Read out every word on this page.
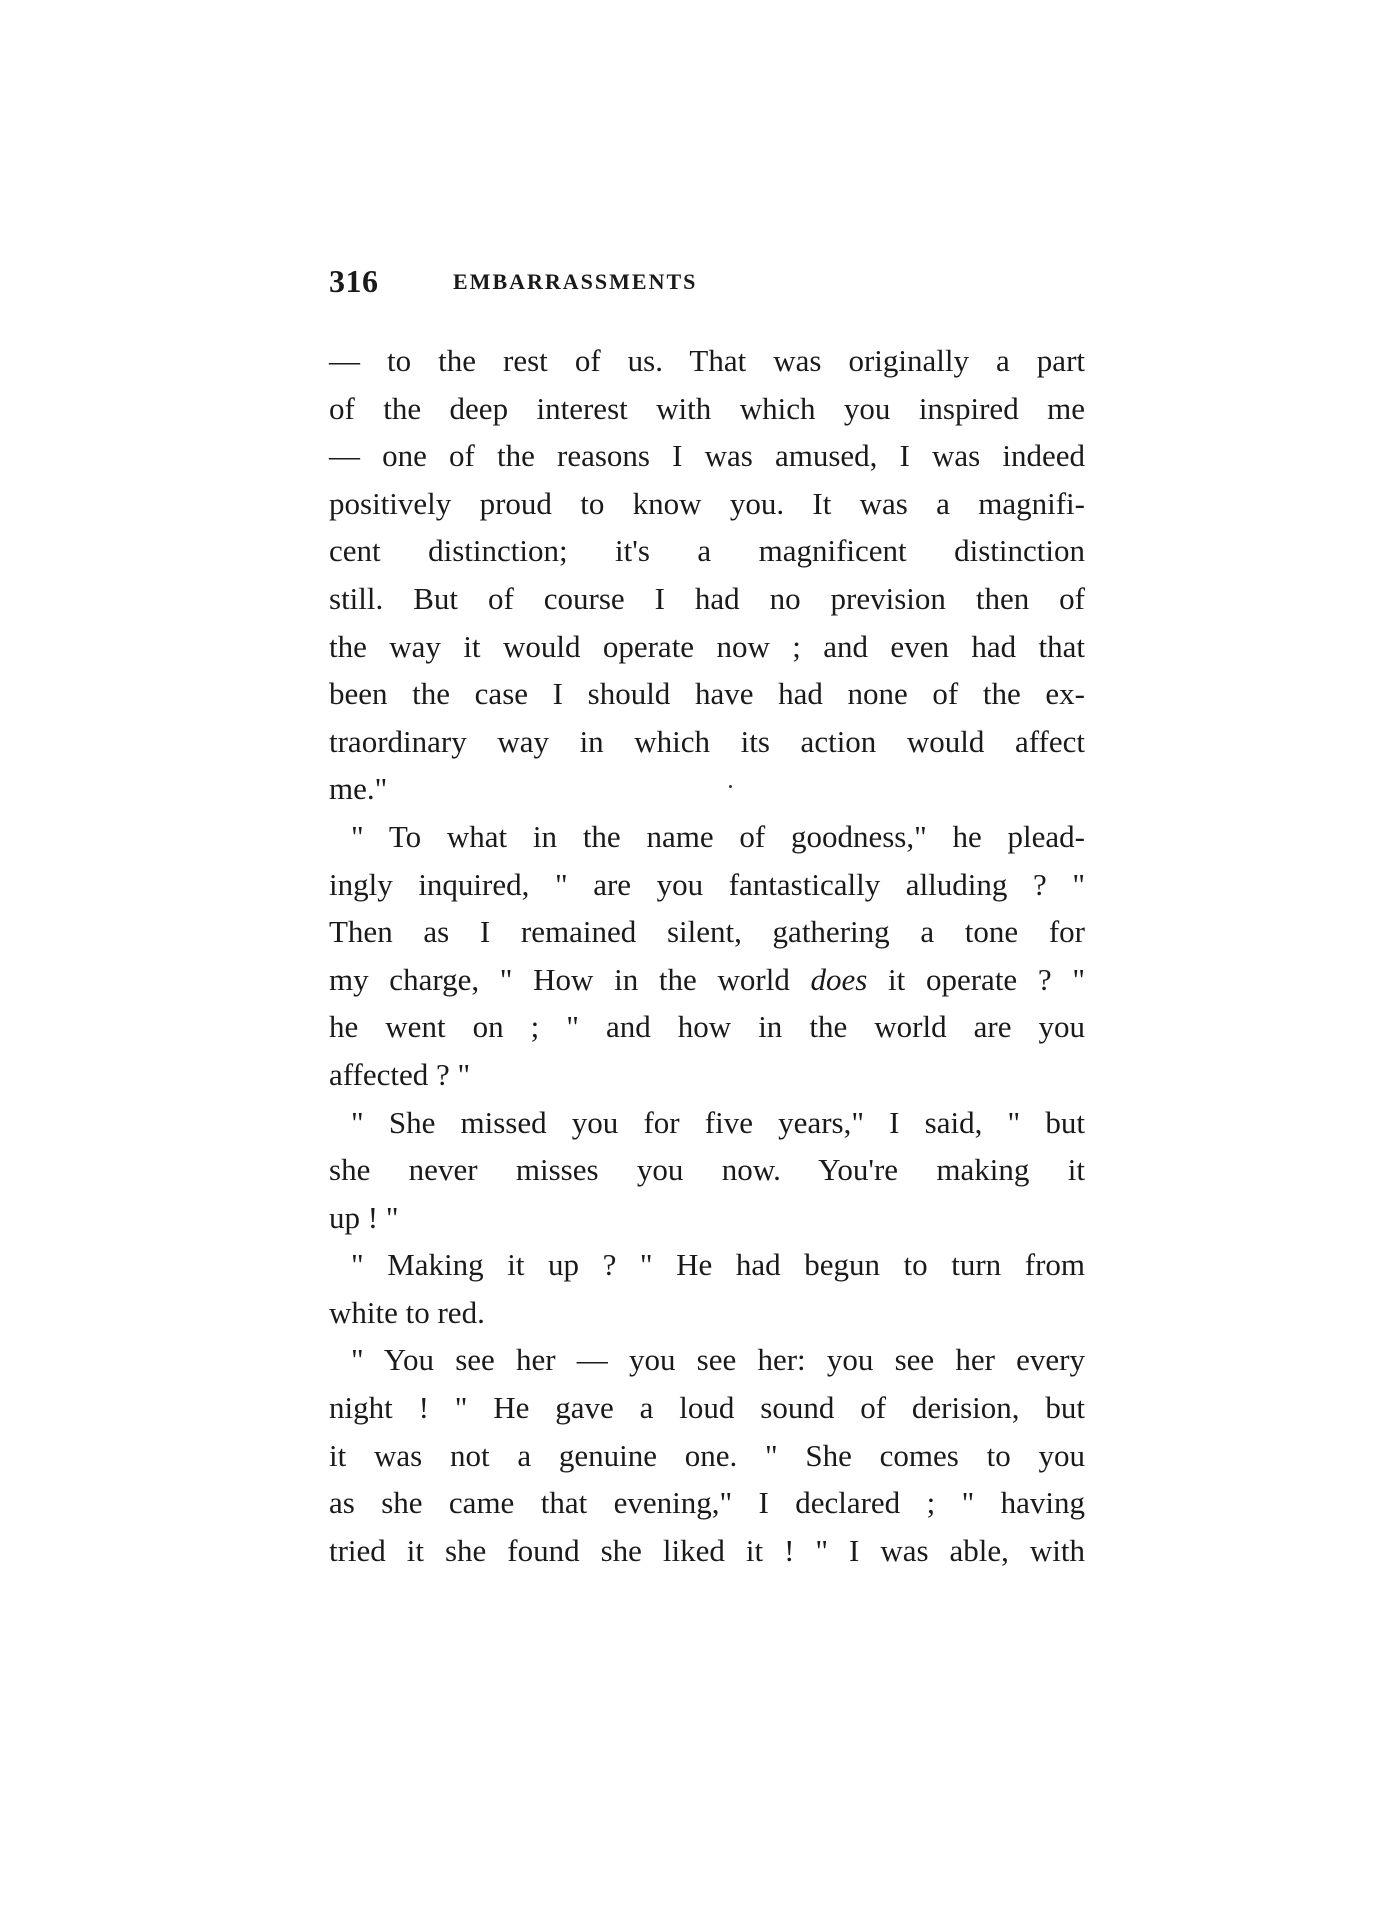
316	EMBARRASSMENTS
— to the rest of us. That was originally a part
of the deep interest with which you inspired me
— one of the reasons I was amused, I was indeed
positively proud to know you. It was a magnifi-
cent distinction; it's a magnificent distinction
still. But of course I had no prevision then of
the way it would operate now ; and even had that
been the case I should have had none of the ex-
traordinary way in which its action would affect
me."
" To what in the name of goodness," he plead-
ingly inquired, " are you fantastically alluding ? "
Then as I remained silent, gathering a tone for
my charge, " How in the world does it operate ? "
he went on ; " and how in the world are you
affected ? "
" She missed you for five years," I said, " but
she never misses you now. You're making it
up ! "
" Making it up ? " He had begun to turn from
white to red.
" You see her — you see her: you see her every
night ! " He gave a loud sound of derision, but
it was not a genuine one. " She comes to you
as she came that evening," I declared ; " having
tried it she found she liked it ! " I was able, with
